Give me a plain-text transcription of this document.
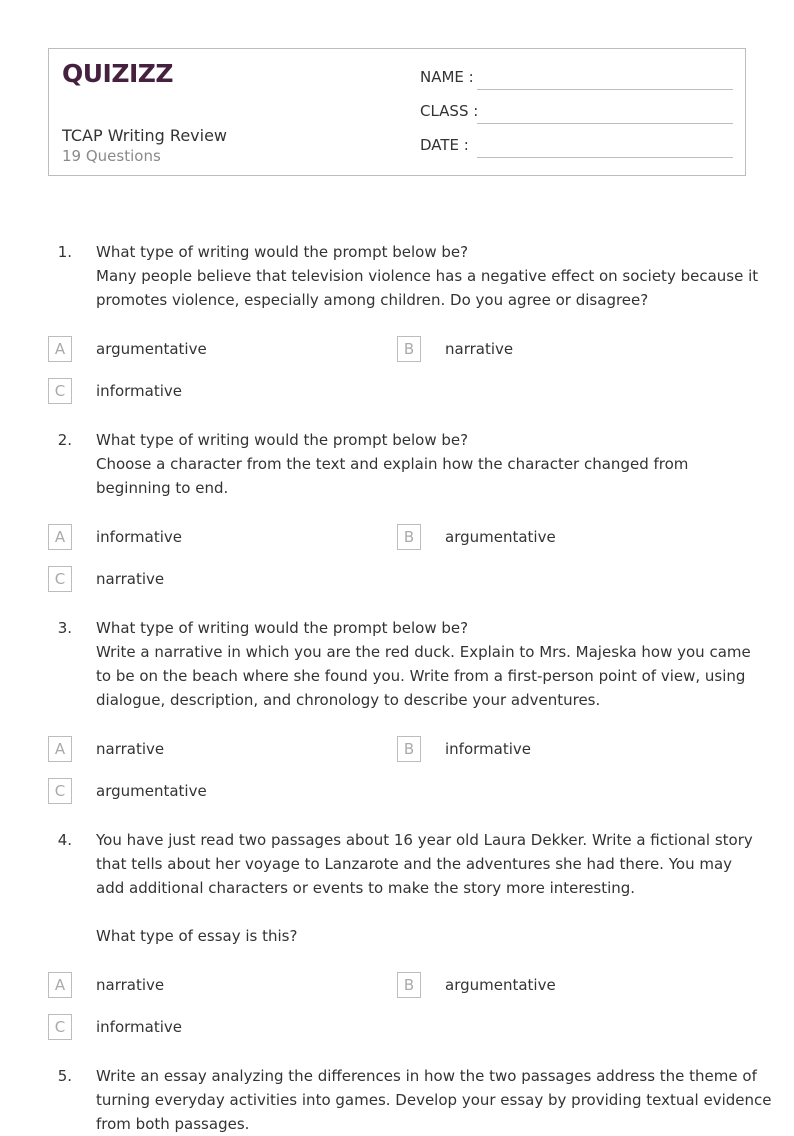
QUIZIZZ
TCAP Writing Review
19 Questions
NAME :
CLASS :
DATE :
1. What type of writing would the prompt below be?
Many people believe that television violence has a negative effect on society because it
promotes violence, especially among children. Do you agree or disagree?
A	argumentative	B	narrative
C	informative
2. What type of writing would the prompt below be?
Choose a character from the text and explain how the character changed from
beginning to end.
A	informative	B	argumentative
C	narrative
3. What type of writing would the prompt below be?
Write a narrative in which you are the red duck. Explain to Mrs. Majeska how you came
to be on the beach where she found you. Write from a first-person point of view, using
dialogue, description, and chronology to describe your adventures.
A	narrative	B	informative
C	argumentative
4. You have just read two passages about 16 year old Laura Dekker. Write a fictional story
that tells about her voyage to Lanzarote and the adventures she had there. You may
add additional characters or events to make the story more interesting.
What type of essay is this?
A	narrative	B	argumentative
C	informative
5. Write an essay analyzing the differences in how the two passages address the theme of
turning everyday activities into games. Develop your essay by providing textual evidence
from both passages.
